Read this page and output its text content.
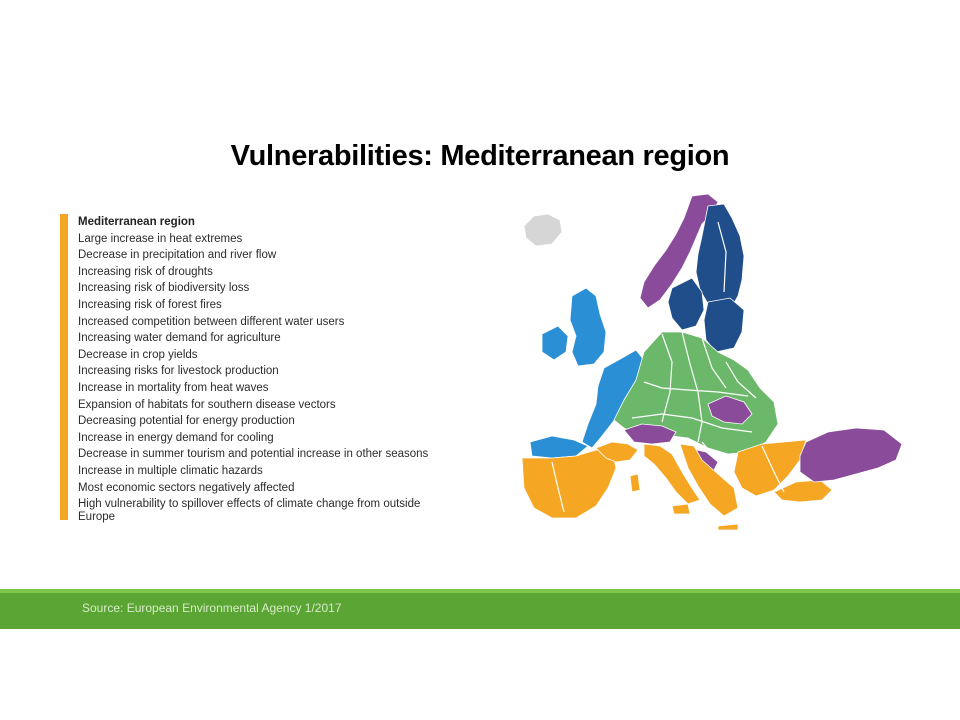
Vulnerabilities: Mediterranean region
Mediterranean region
Large increase in heat extremes
Decrease in precipitation and river flow
Increasing risk of droughts
Increasing risk of biodiversity loss
Increasing risk of forest fires
Increased competition between different water users
Increasing water demand for agriculture
Decrease in crop yields
Increasing risks for livestock production
Increase in mortality from heat waves
Expansion of habitats for southern disease vectors
Decreasing potential for energy production
Increase in energy demand for cooling
Decrease in summer tourism and potential increase in other seasons
Increase in multiple climatic hazards
Most economic sectors negatively affected
High vulnerability to spillover effects of climate change from outside Europe
Source: European Environmental Agency 1/2017
